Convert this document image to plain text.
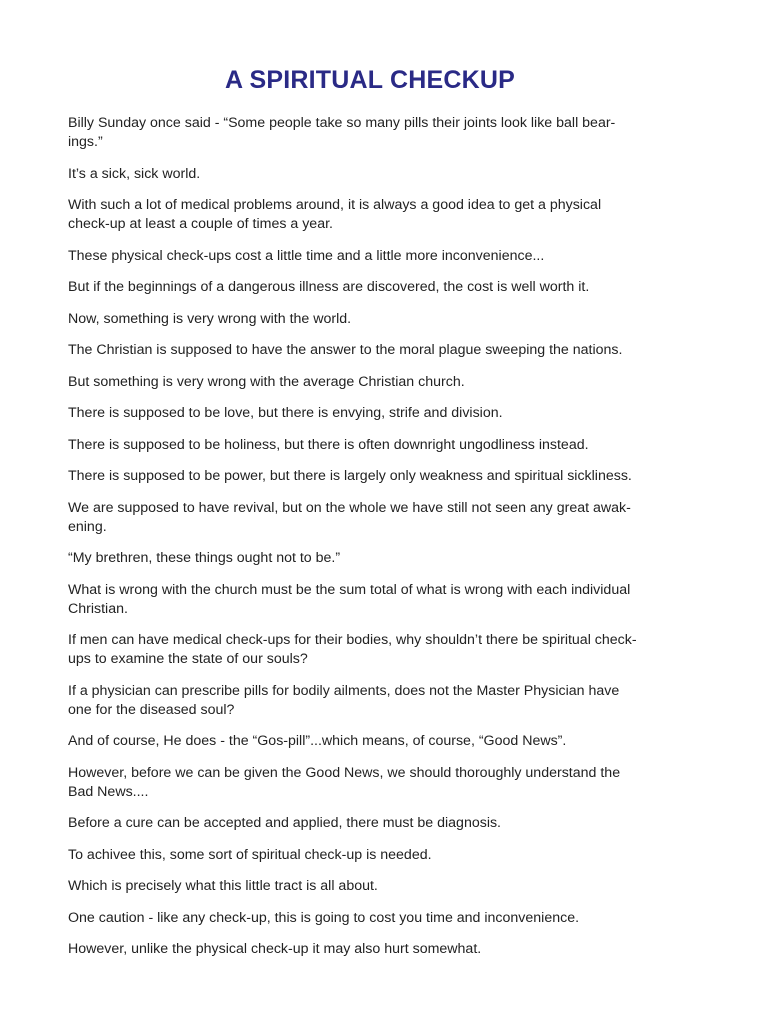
A SPIRITUAL CHECKUP

Billy Sunday once said - “Some people take so many pills their joints look like ball bear-
ings.”

It’s a sick, sick world.

With such a lot of medical problems around, it is always a good idea to get a physical
check-up at least a couple of times a year.

These physical check-ups cost a little time and a little more inconvenience...

But if the beginnings of a dangerous illness are discovered, the cost is well worth it.

Now, something is very wrong with the world.

The Christian is supposed to have the answer to the moral plague sweeping the nations.

But something is very wrong with the average Christian church.

There is supposed to be love, but there is envying, strife and division.

There is supposed to be holiness, but there is often downright ungodliness instead.

There is supposed to be power, but there is largely only weakness and spiritual sickliness.

We are supposed to have revival, but on the whole we have still not seen any great awak-
ening.

“My brethren, these things ought not to be.”

What is wrong with the church must be the sum total of what is wrong with each individual
Christian.

If men can have medical check-ups for their bodies, why shouldn’t there be spiritual check-
ups to examine the state of our souls?

If a physician can prescribe pills for bodily ailments, does not the Master Physician have
one for the diseased soul?

And of course, He does - the “Gos-pill”...which means, of course, “Good News”.

However, before we can be given the Good News, we should thoroughly understand the
Bad News....

Before a cure can be accepted and applied, there must be diagnosis.

To achivee this, some sort of spiritual check-up is needed.

Which is precisely what this little tract is all about.

One caution - like any check-up, this is going to cost you time and inconvenience.

However, unlike the physical check-up it may also hurt somewhat.
